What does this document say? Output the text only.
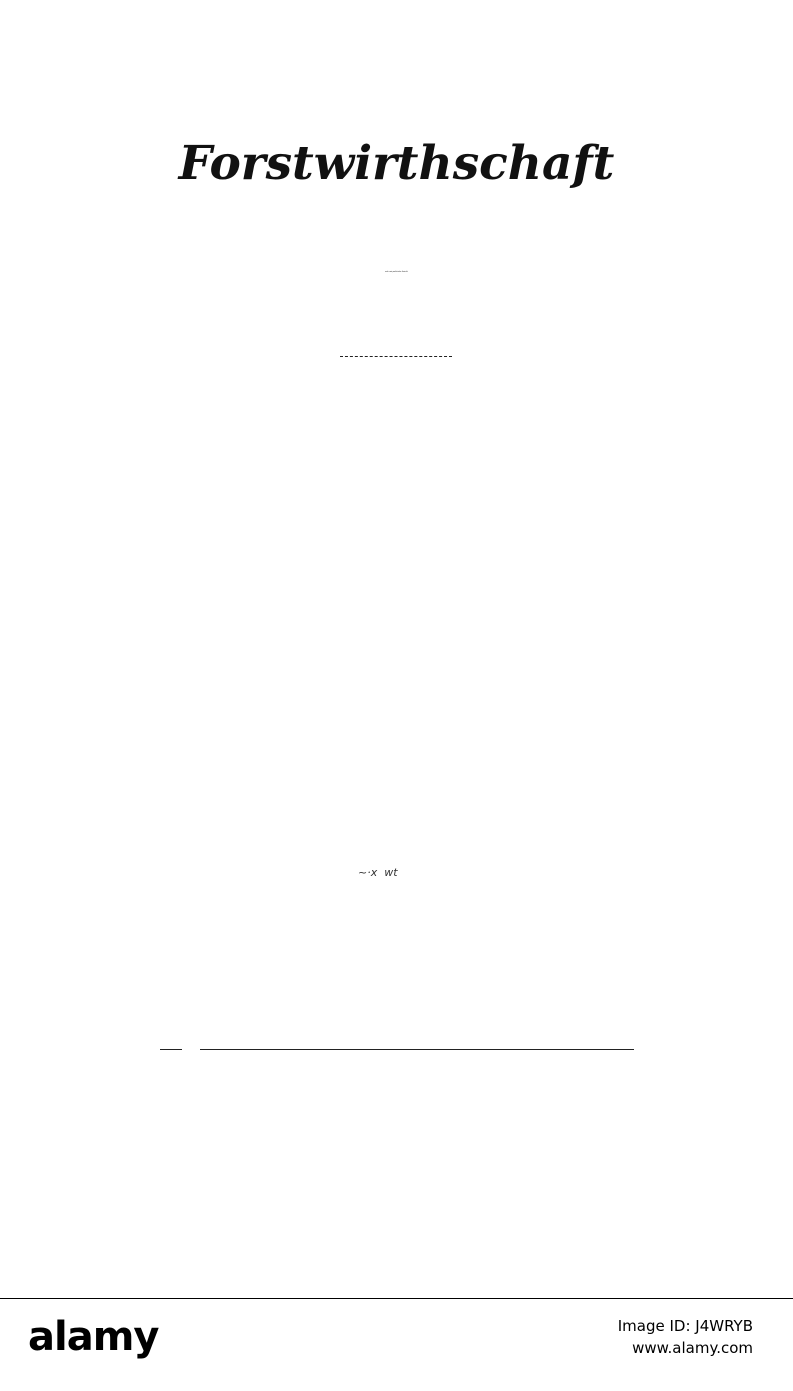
Forstwirthschaft
nach rein praktischer Ansicht.
~·x  wt
alamy	Image ID: J4WRYB
www.alamy.com
